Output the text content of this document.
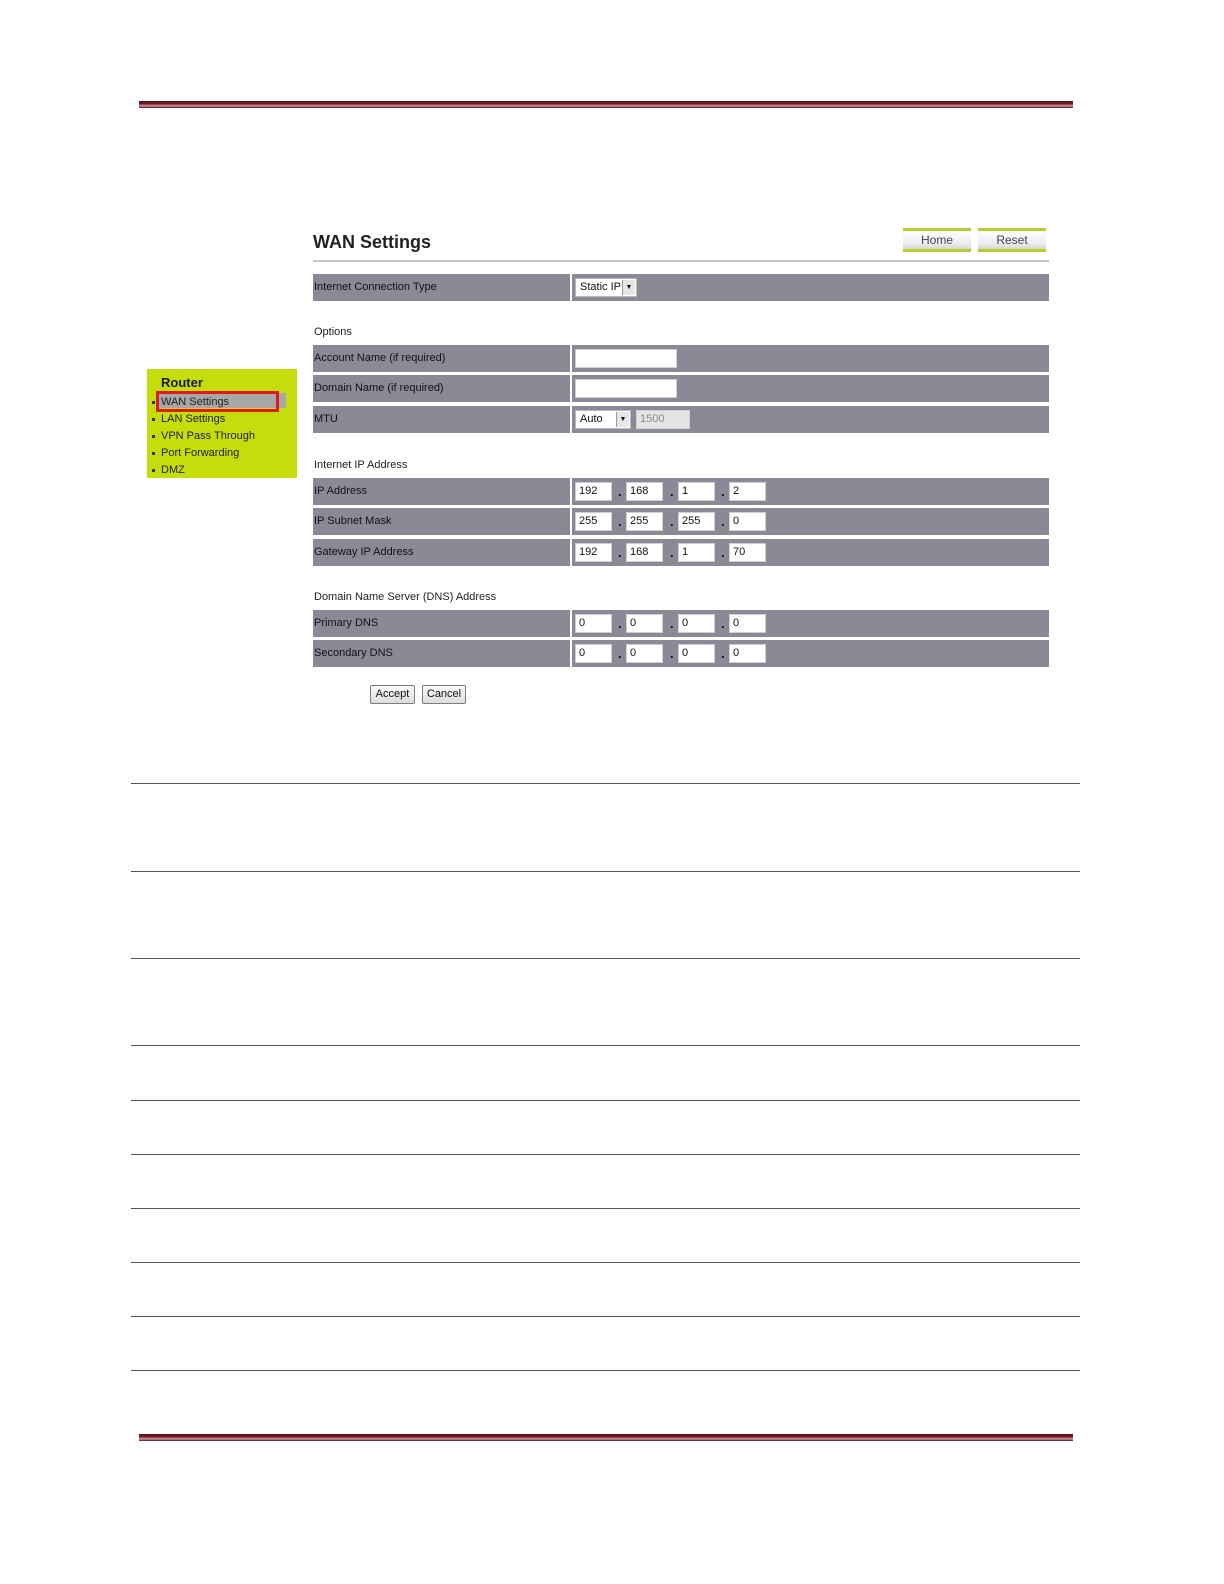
Router
WAN Settings
LAN Settings
VPN Pass Through
Port Forwarding
DMZ
WAN Settings	Home	Reset
Internet Connection Type	Static IP ▼
Options
Account Name (if required)
Domain Name (if required)
MTU	Auto	▼	1500
Internet IP Address
IP Address	192	. 168	. 1	. 2
IP Subnet Mask	255	. 255	. 255	. 0
Gateway IP Address	192	. 168	. 1	. 70
Domain Name Server (DNS) Address
Primary DNS	0	. 0	. 0	. 0
Secondary DNS	0	. 0	. 0	. 0
Accept	Cancel
